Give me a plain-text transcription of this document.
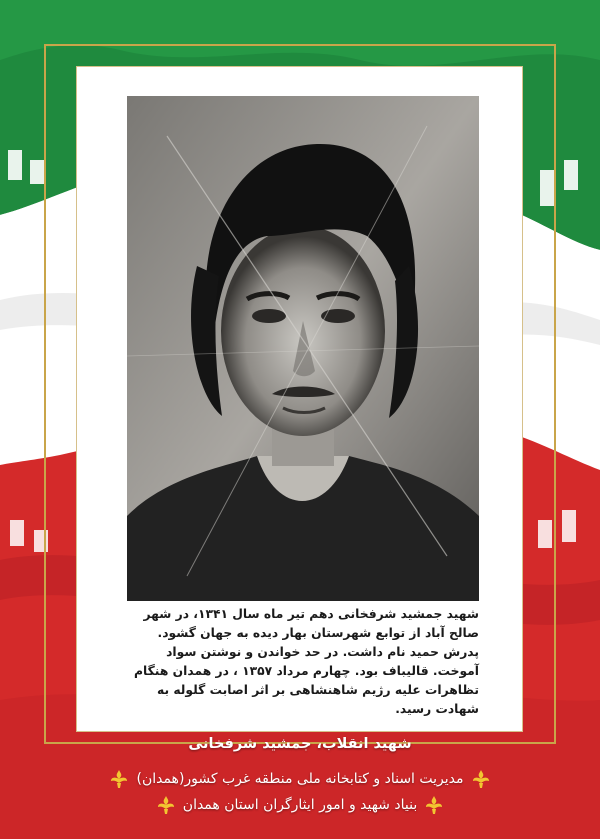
شهید جمشید شرفخانی دهم تیر ماه سال ۱۳۴۱، در شهر صالح آباد از توابع شهرستان بهار دیده به جهان گشود. پدرش حمید نام داشت. در حد خواندن و نوشتن سواد آموخت. قالیباف بود. چهارم مرداد ۱۳۵۷ ، در همدان هنگام تظاهرات علیه رژیم شاهنشاهی بر اثر اصابت گلوله به شهادت رسید.

شهید انقلاب، جمشید شرفخانی
مدیریت اسناد و کتابخانه ملی منطقه غرب کشور(همدان)
بنیاد شهید و امور ایثارگران استان همدان
